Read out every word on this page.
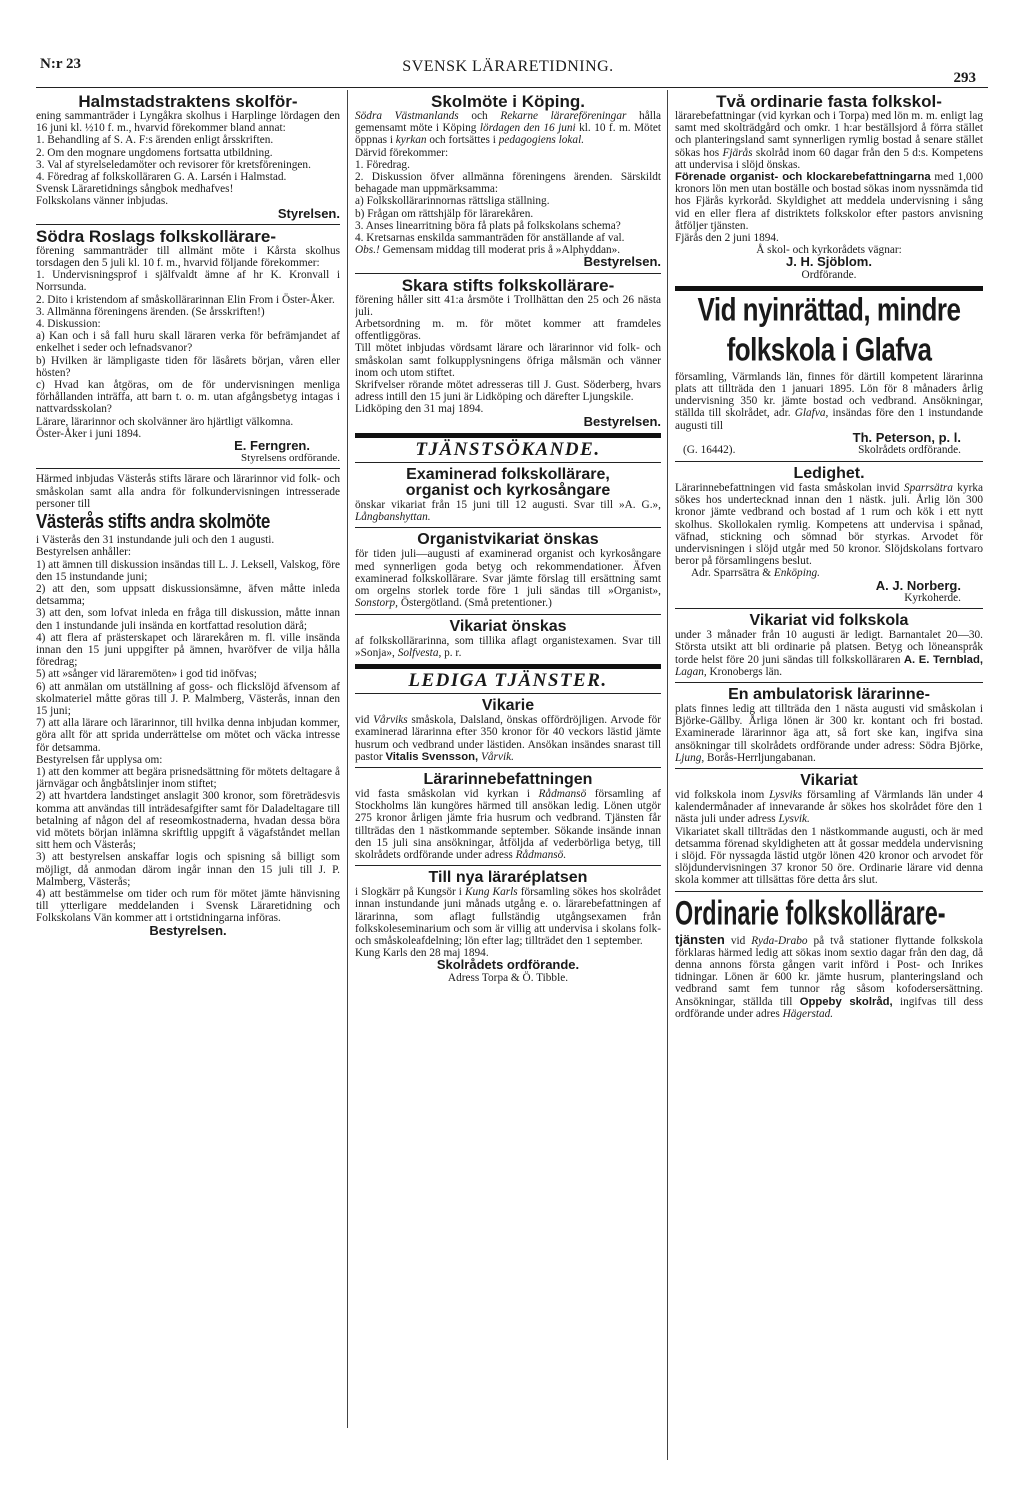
N:r 23	SVENSK LÄRARETIDNING.
293
Halmstadstraktens skolför-

ening sammanträder i Lyngåkra skolhus i Harplinge lördagen den 16 juni kl. ½10 f. m., hvarvid förekommer bland annat:

1. Behandling af S. A. F:s ärenden enligt årsskriften.

2. Om den mognare ungdomens fortsatta utbildning.

3. Val af styrelseledamöter och revisorer för kretsföreningen.

4. Föredrag af folkskolläraren G. A. Larsén i Halmstad.

Svensk Läraretidnings sångbok medhafves!

Folkskolans vänner inbjudas.

Styrelsen.
Södra Roslags folkskollärare-

förening sammanträder till allmänt möte i Kårsta skolhus torsdagen den 5 juli kl. 10 f. m., hvarvid följande förekommer:

1. Undervisningsprof i själfvaldt ämne af hr K. Kronvall i Norrsunda.

2. Dito i kristendom af småskollärarinnan Elin From i Öster-Åker.

3. Allmänna föreningens ärenden. (Se årsskriften!)

4. Diskussion:

a) Kan och i så fall huru skall läraren verka för befrämjandet af enkelhet i seder och lefnadsvanor?

b) Hvilken är lämpligaste tiden för läsårets början, våren eller hösten?

c) Hvad kan åtgöras, om de för undervisningen menliga förhållanden inträffa, att barn t. o. m. utan afgångsbetyg intagas i nattvardsskolan?

Lärare, lärarinnor och skolvänner äro hjärtligt välkomna.

Öster-Åker i juni 1894.

E. Ferngren.
Styrelsens ordförande.

Härmed inbjudas Västerås stifts lärare och lärarinnor vid folk- och småskolan samt alla andra för folkundervisningen intresserade personer till

Västerås stifts andra skolmöte

i Västerås den 31 instundande juli och den 1 augusti.

Bestyrelsen anhåller:

1) att ämnen till diskussion insändas till L. J. Leksell, Valskog, före den 15 instundande juni;

2) att den, som uppsatt diskussionsämne, äfven måtte inleda detsamma;

3) att den, som lofvat inleda en fråga till diskussion, måtte innan den 1 instundande juli insända en kortfattad resolution därå;

4) att flera af prästerskapet och lärarekåren m. fl. ville insända innan den 15 juni uppgifter på ämnen, hvaröfver de vilja hålla föredrag;

5) att »sånger vid läraremöten» i god tid inöfvas;

6) att anmälan om utställning af goss- och flickslöjd äfvensom af skolmateriel måtte göras till J. P. Malmberg, Västerås, innan den 15 juni;

7) att alla lärare och lärarinnor, till hvilka denna inbjudan kommer, göra allt för att sprida underrättelse om mötet och väcka intresse för detsamma.

Bestyrelsen får upplysa om:

1) att den kommer att begära prisnedsättning för mötets deltagare å järnvägar och ångbåtslinjer inom stiftet;

2) att hvartdera landstinget anslagit 300 kronor, som företrädesvis komma att användas till inträdesafgifter samt för Daladeltagare till betalning af någon del af reseomkostnaderna, hvadan dessa böra vid mötets början inlämna skriftlig uppgift å vägafståndet mellan sitt hem och Västerås;

3) att bestyrelsen anskaffar logis och spisning så billigt som möjligt, då anmodan därom ingår innan den 15 juli till J. P. Malmberg, Västerås;

4) att bestämmelse om tider och rum för mötet jämte hänvisning till ytterligare meddelanden i Svensk Läraretidning och Folkskolans Vän kommer att i ortstidningarna införas.

Bestyrelsen.
Skolmöte i Köping.

Södra Västmanlands och Rekarne lärareföreningar hålla gemensamt möte i Köping lördagen den 16 juni kl. 10 f. m. Mötet öppnas i kyrkan och fortsättes i pedagogiens lokal.

Därvid förekommer:

1. Föredrag.

2. Diskussion öfver allmänna föreningens ärenden. Särskildt behagade man uppmärksamma:

a) Folkskollärarinnornas rättsliga ställning.

b) Frågan om rättshjälp för lärarekåren.

3. Anses linearritning böra få plats på folkskolans schema?

4. Kretsarnas enskilda sammanträden för anställande af val.

Obs.! Gemensam middag till moderat pris å »Alphyddan».

Bestyrelsen.
Skara stifts folkskollärare-

förening håller sitt 41:a årsmöte i Trollhättan den 25 och 26 nästa juli.

Arbetsordning m. m. för mötet kommer att framdeles offentliggöras.

Till mötet inbjudas vördsamt lärare och lärarinnor vid folk- och småskolan samt folkupplysningens öfriga målsmän och vänner inom och utom stiftet.

Skrifvelser rörande mötet adresseras till J. Gust. Söderberg, hvars adress intill den 15 juni är Lidköping och därefter Ljungskile.

Lidköping den 31 maj 1894.

Bestyrelsen.
TJÄNSTSÖKANDE.
Examinerad folkskollärare,
organist och kyrkosångare

önskar vikariat från 15 juni till 12 augusti. Svar till »A. G.», Långbanshyttan.

Organistvikariat önskas

för tiden juli—augusti af examinerad organist och kyrkosångare med synnerligen goda betyg och rekommendationer. Äfven examinerad folkskollärare. Svar jämte förslag till ersättning samt om orgelns storlek torde före 1 juli sändas till »Organist», Sonstorp, Östergötland. (Små pretentioner.)

Vikariat önskas

af folkskollärarinna, som tillika aflagt organistexamen. Svar till »Sonja», Solfvesta, p. r.

LEDIGA TJÄNSTER.
Vikarie

vid Vårviks småskola, Dalsland, önskas offördröjligen. Arvode för examinerad lärarinna efter 350 kronor för 40 veckors lästid jämte husrum och vedbrand under lästiden. Ansökan insändes snarast till pastor Vitalis Svensson, Vårvik.

Lärarinnebefattningen

vid fasta småskolan vid kyrkan i Rådmansö församling af Stockholms län kungöres härmed till ansökan ledig. Lönen utgör 275 kronor årligen jämte fria husrum och vedbrand. Tjänsten får tillträdas den 1 nästkommande september. Sökande insände innan den 15 juli sina ansökningar, åtföljda af vederbörliga betyg, till skolrådets ordförande under adress Rådmansö.

Till nya läraréplatsen

i Slogkärr på Kungsör i Kung Karls församling sökes hos skolrådet innan instundande juni månads utgång e. o. lärarebefattningen af lärarinna, som aflagt fullständig utgångsexamen från folkskoleseminarium och som är villig att undervisa i skolans folk- och småskoleafdelning; lön efter lag; tillträdet den 1 september.

Kung Karls den 28 maj 1894.

Skolrådets ordförande.
Adress Torpa & Ö. Tibble.
Två ordinarie fasta folkskol-

lärarebefattningar (vid kyrkan och i Torpa) med lön m. m. enligt lag samt med skolträdgård och omkr. 1 h:ar beställsjord å förra stället och planteringsland samt synnerligen rymlig bostad å senare stället sökas hos Fjärås skolråd inom 60 dagar från den 5 d:s. Kompetens att undervisa i slöjd önskas.

Förenade organist- och klockarebefattningarna med 1,000 kronors lön men utan boställe och bostad sökas inom nyssnämda tid hos Fjärås kyrkoråd. Skyldighet att meddela undervisning i sång vid en eller flera af distriktets folkskolor efter pastors anvisning åtföljer tjänsten.

Fjärås den 2 juni 1894.

Å skol- och kyrkorådets vägnar:
J. H. Sjöblom.
Ordförande.
Vid nyinrättad, mindre folkskola i Glafva

församling, Värmlands län, finnes för därtill kompetent lärarinna plats att tillträda den 1 januari 1895. Lön för 8 månaders årlig undervisning 350 kr. jämte bostad och vedbrand. Ansökningar, ställda till skolrådet, adr. Glafva, insändas före den 1 instundande augusti till

Th. Peterson, p. l.
(G. 16442).	Skolrådets ordförande.
Ledighet.

Lärarinnebefattningen vid fasta småskolan invid Sparrsätra kyrka sökes hos undertecknad innan den 1 nästk. juli. Årlig lön 300 kronor jämte vedbrand och bostad af 1 rum och kök i ett nytt skolhus. Skollokalen rymlig. Kompetens att undervisa i spånad, väfnad, stickning och sömnad bör styrkas. Arvodet för undervisningen i slöjd utgår med 50 kronor. Slöjdskolans fortvaro beror på församlingens beslut.

Adr. Sparrsätra & Enköping.

A. J. Norberg.
Kyrkoherde.
Vikariat vid folkskola

under 3 månader från 10 augusti är ledigt. Barnantalet 20—30. Största utsikt att bli ordinarie på platsen. Betyg och löneanspråk torde helst före 20 juni sändas till folkskolläraren A. E. Ternblad, Lagan, Kronobergs län.

En ambulatorisk lärarinne-

plats finnes ledig att tillträda den 1 nästa augusti vid småskolan i Björke-Gällby. Årliga lönen är 300 kr. kontant och fri bostad. Examinerade lärarinnor äga att, så fort ske kan, ingifva sina ansökningar till skolrådets ordförande under adress: Södra Björke, Ljung, Borås-Herrljungabanan.

Vikariat

vid folkskola inom Lysviks församling af Värmlands län under 4 kalendermånader af innevarande år sökes hos skolrådet före den 1 nästa juli under adress Lysvik.

Vikariatet skall tillträdas den 1 nästkommande augusti, och är med detsamma förenad skyldigheten att åt gossar meddela undervisning i slöjd. För nyssagda lästid utgör lönen 420 kronor och arvodet för slöjdundervisningen 37 kronor 50 öre. Ordinarie lärare vid denna skola kommer att tillsättas före detta års slut.

Ordinarie folkskollärare-

tjänsten vid Ryda-Drabo på två stationer flyttande folkskola förklaras härmed ledig att sökas inom sextio dagar från den dag, då denna annons första gången varit införd i Post- och Inrikes tidningar. Lönen är 600 kr. jämte husrum, planteringsland och vedbrand samt fem tunnor råg såsom kofodersersättning. Ansökningar, ställda till Oppeby skolråd, ingifvas till dess ordförande under adres Hägerstad.
